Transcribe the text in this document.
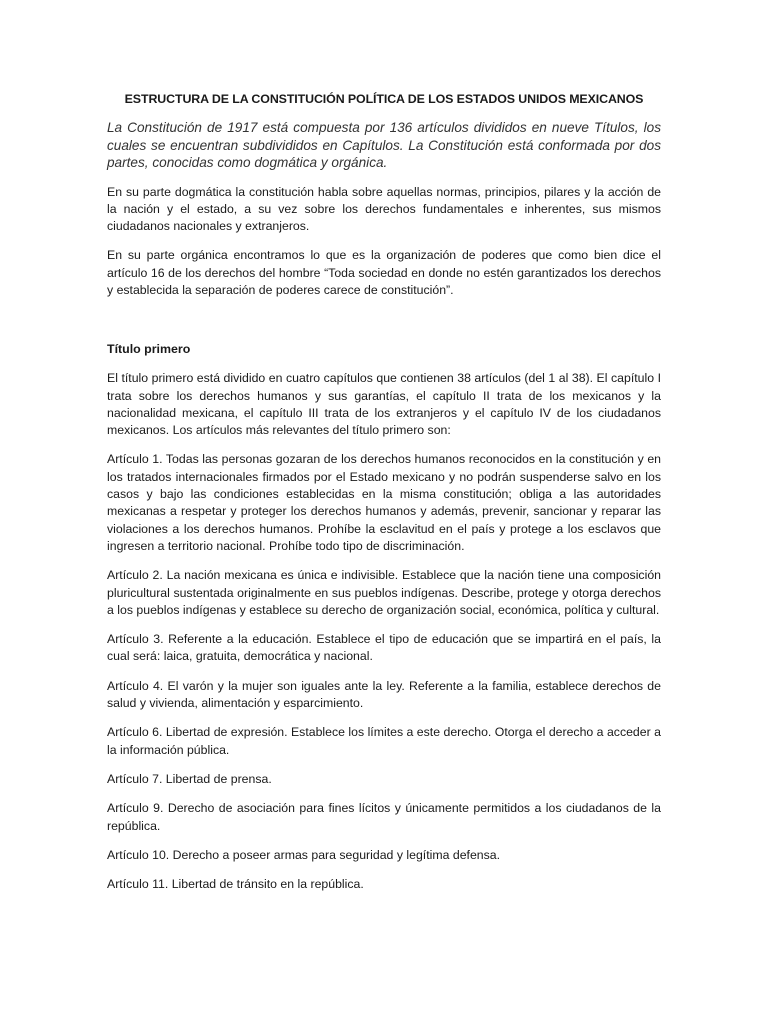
ESTRUCTURA DE LA CONSTITUCIÓN POLÍTICA DE LOS ESTADOS UNIDOS MEXICANOS

La Constitución de 1917 está compuesta por 136 artículos divididos en nueve Títulos, los cuales se encuentran subdivididos en Capítulos. La Constitución está conformada por dos partes, conocidas como dogmática y orgánica.

En su parte dogmática la constitución habla sobre aquellas normas, principios, pilares y la acción de la nación y el estado, a su vez sobre los derechos fundamentales e inherentes, sus mismos ciudadanos nacionales y extranjeros.

En su parte orgánica encontramos lo que es la organización de poderes que como bien dice el artículo 16 de los derechos del hombre “Toda sociedad en donde no estén garantizados los derechos y establecida la separación de poderes carece de constitución”.

Título primero

El título primero está dividido en cuatro capítulos que contienen 38 artículos (del 1 al 38). El capítulo I trata sobre los derechos humanos y sus garantías, el capítulo II trata de los mexicanos y la nacionalidad mexicana, el capítulo III trata de los extranjeros y el capítulo IV de los ciudadanos mexicanos. Los artículos más relevantes del título primero son:

Artículo 1. Todas las personas gozaran de los derechos humanos reconocidos en la constitución y en los tratados internacionales firmados por el Estado mexicano y no podrán suspenderse salvo en los casos y bajo las condiciones establecidas en la misma constitución; obliga a las autoridades mexicanas a respetar y proteger los derechos humanos y además, prevenir, sancionar y reparar las violaciones a los derechos humanos. Prohíbe la esclavitud en el país y protege a los esclavos que ingresen a territorio nacional. Prohíbe todo tipo de discriminación.

Artículo 2. La nación mexicana es única e indivisible. Establece que la nación tiene una composición pluricultural sustentada originalmente en sus pueblos indígenas. Describe, protege y otorga derechos a los pueblos indígenas y establece su derecho de organización social, económica, política y cultural.

Artículo 3. Referente a la educación. Establece el tipo de educación que se impartirá en el país, la cual será: laica, gratuita, democrática y nacional.

Artículo 4. El varón y la mujer son iguales ante la ley. Referente a la familia, establece derechos de salud y vivienda, alimentación y esparcimiento.

Artículo 6. Libertad de expresión. Establece los límites a este derecho. Otorga el derecho a acceder a la información pública.

Artículo 7. Libertad de prensa.

Artículo 9. Derecho de asociación para fines lícitos y únicamente permitidos a los ciudadanos de la república.

Artículo 10. Derecho a poseer armas para seguridad y legítima defensa.

Artículo 11. Libertad de tránsito en la república.
